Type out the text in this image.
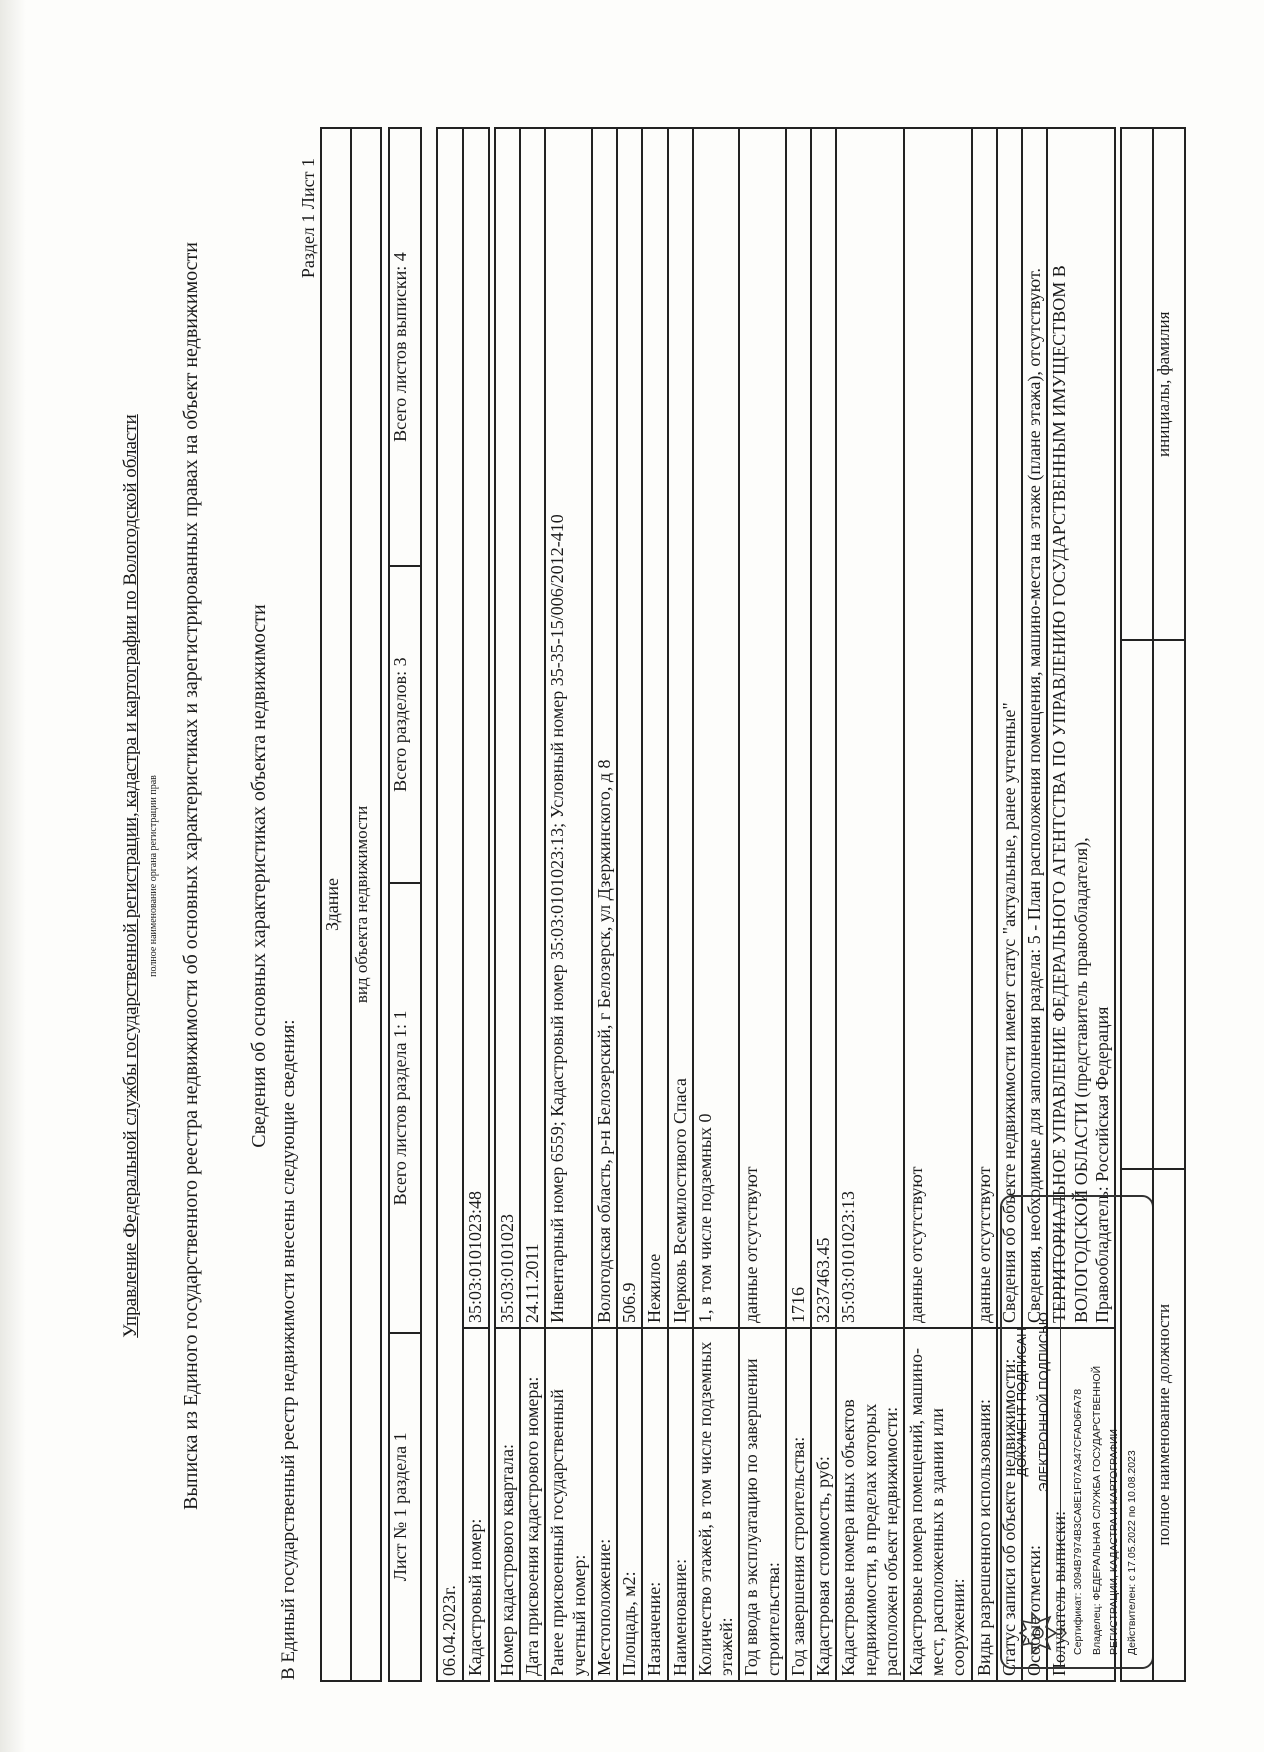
Управление Федеральной службы государственной регистрации, кадастра и картографии по Вологодской области полное наименование органа регистрации прав Выписка из Единого государственного реестра недвижимости об основных характеристиках и зарегистрированных правах на объект недвижимости Сведения об основных характеристиках объекта недвижимости
В Единый государственный реестр недвижимости внесены следующие сведения:
Раздел 1 Лист 1
Здание
вид объекта недвижимости
Лист № 1 раздела 1	Всего листов раздела 1: 1	Всего разделов: 3	Всего листов выписки: 4
06.04.2023г.
Кадастровый номер:	35:03:0101023:48
Номер кадастрового квартала:	35:03:0101023
Дата присвоения кадастрового номера:	24.11.2011
Ранее присвоенный государственный учетный номер:	Инвентарный номер 6559; Кадастровый номер 35:03:0101023:13; Условный номер 35-35-15/006/2012-410
Местоположение:	Вологодская область, р-н Белозерский, г Белозерск, ул Дзержинского, д 8
Площадь, м2:	506.9
Назначение:	Нежилое
Наименование:	Церковь Всемилостивого Спаса
Количество этажей, в том числе подземных этажей:	1, в том числе подземных 0
Год ввода в эксплуатацию по завершении строительства:	данные отсутствуют
Год завершения строительства:	1716
Кадастровая стоимость, руб:	3237463.45
Кадастровые номера иных объектов недвижимости, в пределах которых расположен объект недвижимости:	35:03:0101023:13
Кадастровые номера помещений, машино-мест, расположенных в здании или сооружении:	данные отсутствуют
Виды разрешенного использования:	данные отсутствуют
Статус записи об объекте недвижимости:	Сведения об объекте недвижимости имеют статус "актуальные, ранее учтенные"
Особые отметки:	Сведения, необходимые для заполнения раздела: 5 - План расположения помещения, машино-места на этаже (плане этажа), отсутствуют.
Получатель выписки:	ТЕРРИТОРИАЛЬНОЕ УПРАВЛЕНИЕ ФЕДЕРАЛЬНОГО АГЕНТСТВА ПО УПРАВЛЕНИЮ ГОСУДАРСТВЕННЫМ ИМУЩЕСТВОМ В ВОЛОГОДСКОЙ ОБЛАСТИ (представитель правообладателя),
Правообладатель: Российская Федерация
ДОКУМЕНТ ПОДПИСАН ЭЛЕКТРОННОЙ ПОДПИСЬЮ Сертификат: 3094B7974B3CA8E1F07A347CFAD6FA78 Владелец: ФЕДЕРАЛЬНАЯ СЛУЖБА ГОСУДАРСТВЕННОЙ РЕГИСТРАЦИИ, КАДАСТРА И КАРТОГРАФИИ Действителен: с 17.05.2022 по 10.08.2023

полное наименование должности		инициалы, фамилия
